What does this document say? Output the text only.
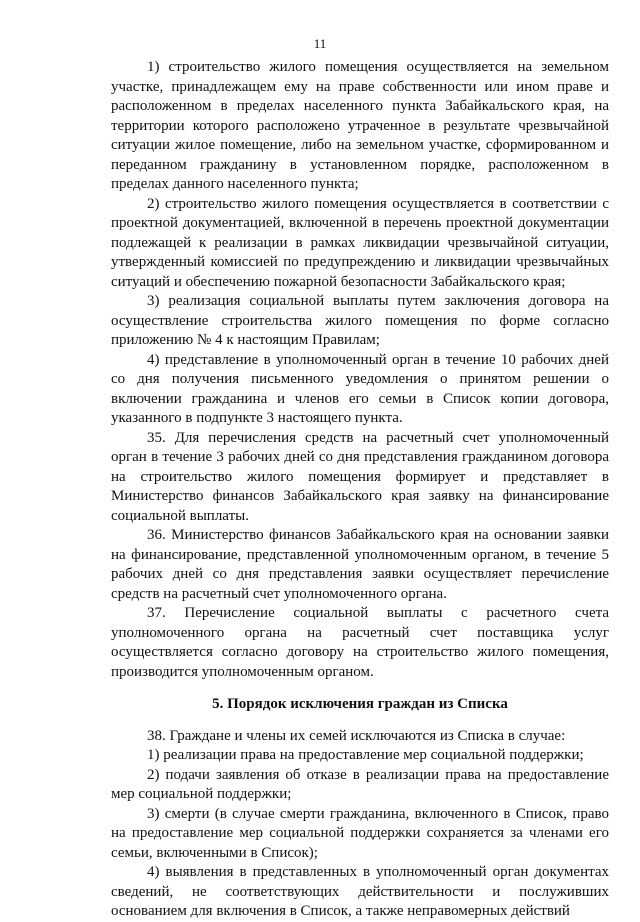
11

1) строительство жилого помещения осуществляется на земельном участке, принадлежащем ему на праве собственности или ином праве и расположенном в пределах населенного пункта Забайкальского края, на территории которого расположено утраченное в результате чрезвычайной ситуации жилое помещение, либо на земельном участке, сформированном и переданном гражданину в установленном порядке, расположенном в пределах данного населенного пункта;

2) строительство жилого помещения осуществляется в соответствии с проектной документацией, включенной в перечень проектной документации подлежащей к реализации в рамках ликвидации чрезвычайной ситуации, утвержденный комиссией по предупреждению и ликвидации чрезвычайных ситуаций и обеспечению пожарной безопасности Забайкальского края;

3) реализация социальной выплаты путем заключения договора на осуществление строительства жилого помещения по форме согласно приложению № 4 к настоящим Правилам;

4) представление в уполномоченный орган в течение 10 рабочих дней со дня получения письменного уведомления о принятом решении о включении гражданина и членов его семьи в Список копии договора, указанного в подпункте 3 настоящего пункта.

35. Для перечисления средств на расчетный счет уполномоченный орган в течение 3 рабочих дней со дня представления гражданином договора на строительство жилого помещения формирует и представляет в Министерство финансов Забайкальского края заявку на финансирование социальной выплаты.

36. Министерство финансов Забайкальского края на основании заявки на финансирование, представленной уполномоченным органом, в течение 5 рабочих дней со дня представления заявки осуществляет перечисление средств на расчетный счет уполномоченного органа.

37. Перечисление социальной выплаты с расчетного счета уполномоченного органа на расчетный счет поставщика услуг осуществляется согласно договору на строительство жилого помещения, производится уполномоченным органом.

5. Порядок исключения граждан из Списка

38. Граждане и члены их семей исключаются из Списка в случае:

1) реализации права на предоставление мер социальной поддержки;

2) подачи заявления об отказе в реализации права на предоставление мер социальной поддержки;

3) смерти (в случае смерти гражданина, включенного в Список, право на предоставление мер социальной поддержки сохраняется за членами его семьи, включенными в Список);

4) выявления в представленных в уполномоченный орган документах сведений, не соответствующих действительности и послуживших основанием для включения в Список, а также неправомерных действий
